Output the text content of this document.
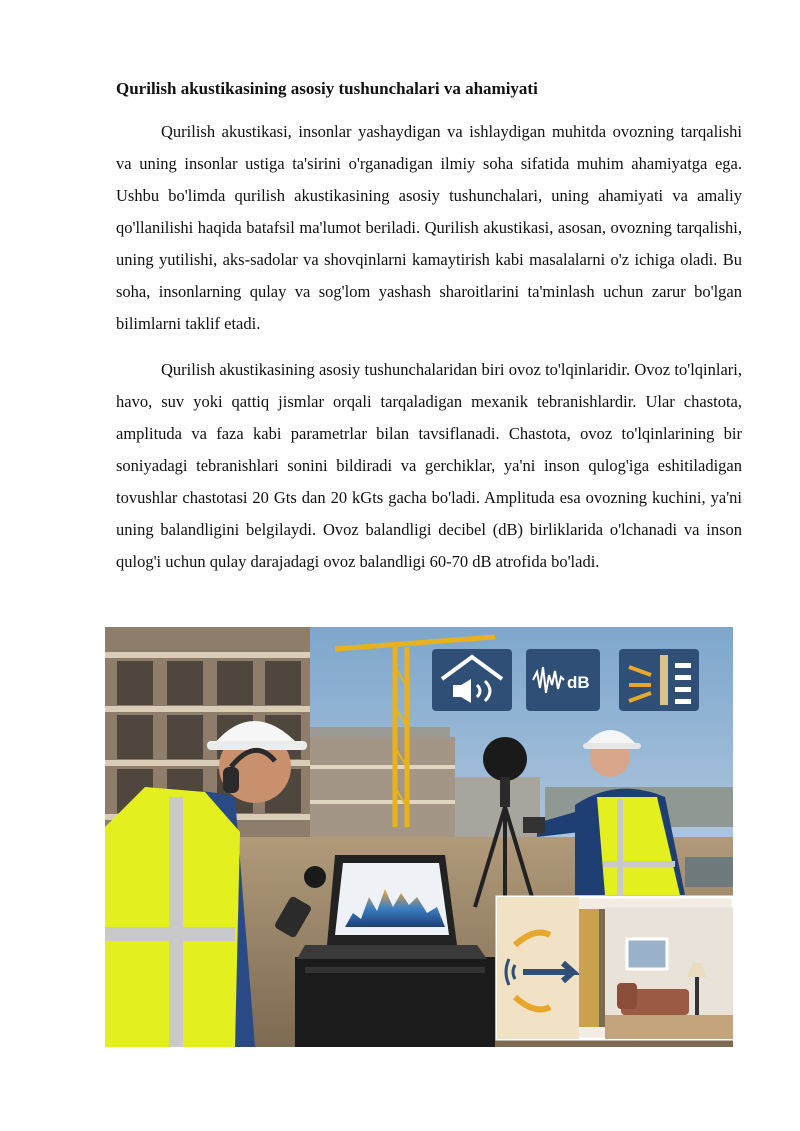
Qurilish akustikasining asosiy tushunchalari va ahamiyati

Qurilish akustikasi, insonlar yashaydigan va ishlaydigan muhitda ovozning tarqalishi va uning insonlar ustiga ta'sirini o'rganadigan ilmiy soha sifatida muhim ahamiyatga ega. Ushbu bo'limda qurilish akustikasining asosiy tushunchalari, uning ahamiyati va amaliy qo'llanilishi haqida batafsil ma'lumot beriladi. Qurilish akustikasi, asosan, ovozning tarqalishi, uning yutilishi, aks-sadolar va shovqinlarni kamaytirish kabi masalalarni o'z ichiga oladi. Bu soha, insonlarning qulay va sog'lom yashash sharoitlarini ta'minlash uchun zarur bo'lgan bilimlarni taklif etadi.

Qurilish akustikasining asosiy tushunchalaridan biri ovoz to'lqinlaridir. Ovoz to'lqinlari, havo, suv yoki qattiq jismlar orqali tarqaladigan mexanik tebranishlardir. Ular chastota, amplituda va faza kabi parametrlar bilan tavsiflanadi. Chastota, ovoz to'lqinlarining bir soniyadagi tebranishlari sonini bildiradi va gerchiklar, ya'ni inson qulog'iga eshitiladigan tovushlar chastotasi 20 Gts dan 20 kGts gacha bo'ladi. Amplituda esa ovozning kuchini, ya'ni uning balandligini belgilaydi. Ovoz balandligi decibel (dB) birliklarida o'lchanadi va inson qulog'i uchun qulay darajadagi ovoz balandligi 60-70 dB atrofida bo'ladi.

dB
